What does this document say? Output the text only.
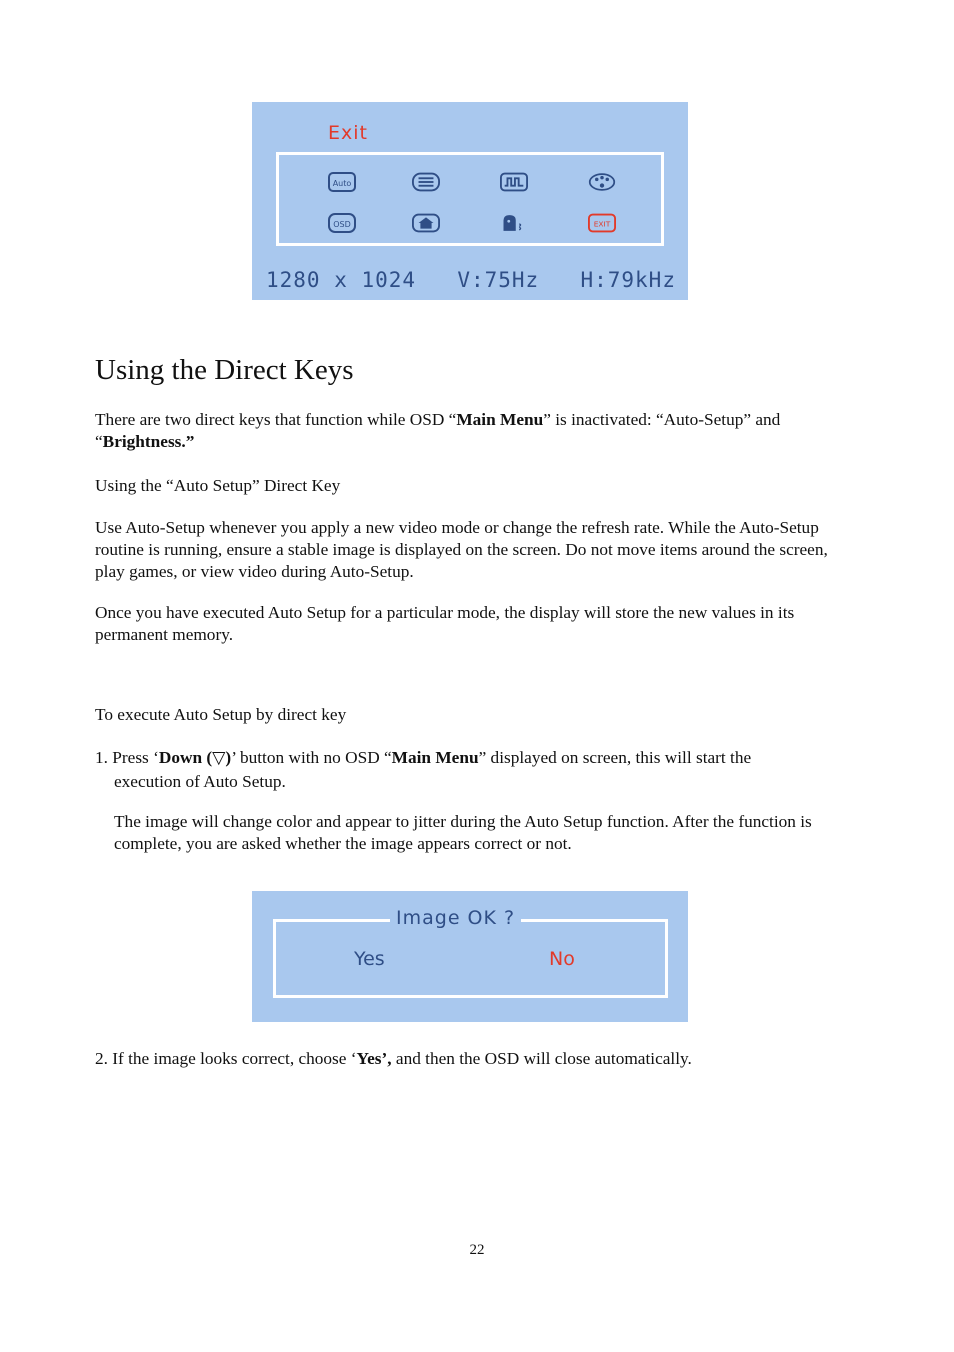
Exit
Auto
OSD	EXIT
1280 x 1024 V:75Hz H:79kHz
Using the Direct Keys

There are two direct keys that function while OSD “Main Menu” is inactivated: “Auto-Setup” and
“Brightness.”

Using the “Auto Setup” Direct Key

Use Auto-Setup whenever you apply a new video mode or change the refresh rate. While the Auto-Setup routine is running, ensure a stable image is displayed on the screen. Do not move items around the screen, play games, or view video during Auto-Setup.

Once you have executed Auto Setup for a particular mode, the display will store the new values in its permanent memory.

To execute Auto Setup by direct key

1. Press ‘Down (▽)’ button with no OSD “Main Menu” displayed on screen, this will start the
execution of Auto Setup.

The image will change color and appear to jitter during the Auto Setup function. After the function is complete, you are asked whether the image appears correct or not.

Image OK ?
Yes	No

2. If the image looks correct, choose ‘Yes’, and then the OSD will close automatically.

22
